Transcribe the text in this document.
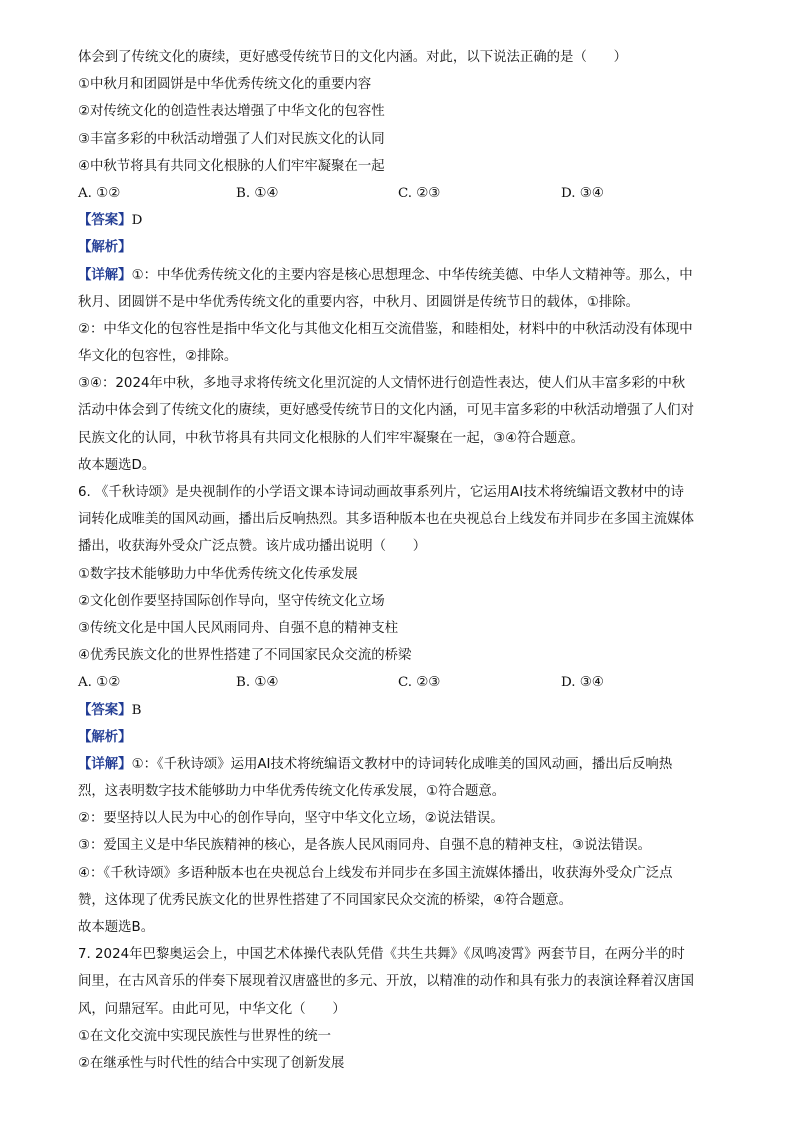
体会到了传统文化的赓续，更好感受传统节日的文化内涵。对此，以下说法正确的是（　　）
①中秋月和团圆饼是中华优秀传统文化的重要内容
②对传统文化的创造性表达增强了中华文化的包容性
③丰富多彩的中秋活动增强了人们对民族文化的认同
④中秋节将具有共同文化根脉的人们牢牢凝聚在一起
A. ①②	B. ①④	C. ②③	D. ③④
【答案】D
【解析】
【详解】①：中华优秀传统文化的主要内容是核心思想理念、中华传统美德、中华人文精神等。那么，中
秋月、团圆饼不是中华优秀传统文化的重要内容，中秋月、团圆饼是传统节日的载体，①排除。
②：中华文化的包容性是指中华文化与其他文化相互交流借鉴，和睦相处，材料中的中秋活动没有体现中
华文化的包容性，②排除。
③④：2024年中秋，多地寻求将传统文化里沉淀的人文情怀进行创造性表达，使人们从丰富多彩的中秋
活动中体会到了传统文化的赓续，更好感受传统节日的文化内涵，可见丰富多彩的中秋活动增强了人们对
民族文化的认同，中秋节将具有共同文化根脉的人们牢牢凝聚在一起，③④符合题意。
故本题选D。
6. 《千秋诗颂》是央视制作的小学语文课本诗词动画故事系列片，它运用AI技术将统编语文教材中的诗
词转化成唯美的国风动画，播出后反响热烈。其多语种版本也在央视总台上线发布并同步在多国主流媒体
播出，收获海外受众广泛点赞。该片成功播出说明（　　）
①数字技术能够助力中华优秀传统文化传承发展
②文化创作要坚持国际创作导向，坚守传统文化立场
③传统文化是中国人民风雨同舟、自强不息的精神支柱
④优秀民族文化的世界性搭建了不同国家民众交流的桥梁
A. ①②	B. ①④	C. ②③	D. ③④
【答案】B
【解析】
【详解】①：《千秋诗颂》运用AI技术将统编语文教材中的诗词转化成唯美的国风动画，播出后反响热
烈，这表明数字技术能够助力中华优秀传统文化传承发展，①符合题意。
②：要坚持以人民为中心的创作导向，坚守中华文化立场，②说法错误。
③：爱国主义是中华民族精神的核心，是各族人民风雨同舟、自强不息的精神支柱，③说法错误。
④：《千秋诗颂》多语种版本也在央视总台上线发布并同步在多国主流媒体播出，收获海外受众广泛点
赞，这体现了优秀民族文化的世界性搭建了不同国家民众交流的桥梁，④符合题意。
故本题选B。
7. 2024年巴黎奥运会上，中国艺术体操代表队凭借《共生共舞》《凤鸣凌霄》两套节目，在两分半的时
间里，在古风音乐的伴奏下展现着汉唐盛世的多元、开放，以精准的动作和具有张力的表演诠释着汉唐国
风，问鼎冠军。由此可见，中华文化（　　）
①在文化交流中实现民族性与世界性的统一
②在继承性与时代性的结合中实现了创新发展
